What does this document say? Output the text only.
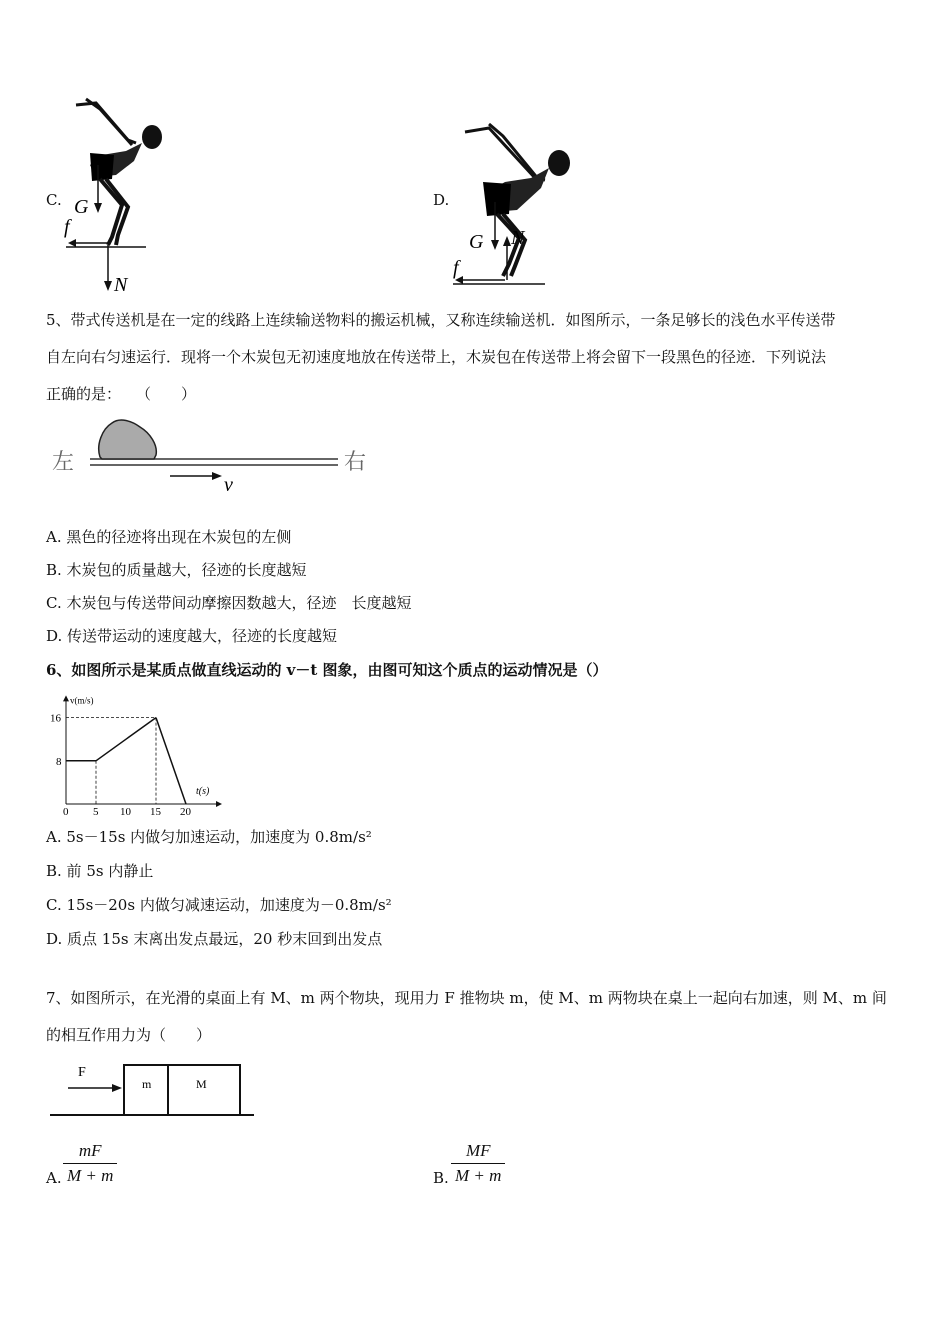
C. G
f
N
D.
G N
f
5、带式传送机是在一定的线路上连续输送物料的搬运机械，又称连续输送机．如图所示，一条足够长的浅色水平传送带
自左向右匀速运行．现将一个木炭包无初速度地放在传送带上，木炭包在传送带上将会留下一段黑色的径迹．下列说法
正确的是：　　（　　）
左	右
v
A. 黑色的径迹将出现在木炭包的左侧
B. 木炭包的质量越大，径迹的长度越短
C. 木炭包与传送带间动摩擦因数越大，径迹　长度越短
D. 传送带运动的速度越大，径迹的长度越短
6、如图所示是某质点做直线运动的 v－t 图象，由图可知这个质点的运动情况是（）
v(m/s)
t(s)
0 5 10 15 20
8
16
A. 5s－15s 内做匀加速运动，加速度为 0.8m/s²
B. 前 5s 内静止
C. 15s－20s 内做匀减速运动，加速度为－0.8m/s²
D. 质点 15s 末离出发点最远，20 秒末回到出发点
7、如图所示，在光滑的桌面上有 M、m 两个物块，现用力 F 推物块 m，使 M、m 两物块在桌上一起向右加速，则 M、m 间
的相互作用力为（　　）
F
m	M
A.
mF
M + m	B.
MF
M + m
